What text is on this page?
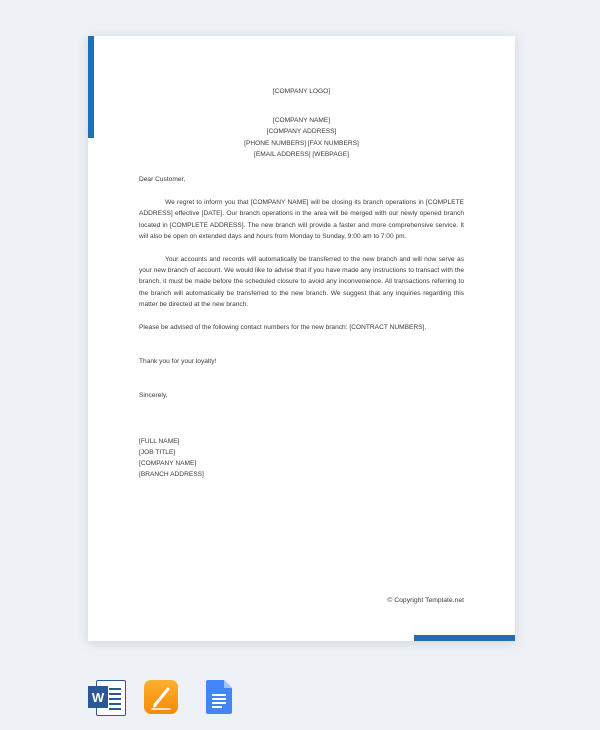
[COMPANY LOGO]
[COMPANY NAME]
[COMPANY ADDRESS]
[PHONE NUMBERS] [FAX NUMBERS]
[EMAIL ADDRESS] [WEBPAGE]

Dear Customer,

We regret to inform you that [COMPANY NAME] will be closing its branch operations in [COMPLETE ADDRESS] effective [DATE]. Our branch operations in the area will be merged with our newly opened branch located in [COMPLETE ADDRESS]. The new branch will provide a faster and more comprehensive service. It will also be open on extended days and hours from Monday to Sunday, 9:00 am to 7:00 pm.

Your accounts and records will automatically be transferred to the new branch and will now serve as your new branch of account. We would like to advise that if you have made any instructions to transact with the branch, it must be made before the scheduled closure to avoid any inconvenience. All transactions referring to the branch will automatically be transferred to the new branch. We suggest that any inquiries regarding this matter be directed at the new branch.

Please be advised of the following contact numbers for the new branch: [CONTRACT NUMBERS].

Thank you for your loyalty!

Sincerely,

[FULL NAME]
[JOB TITLE]
[COMPANY NAME]
[BRANCH ADDRESS]
© Copyright Template.net
W
